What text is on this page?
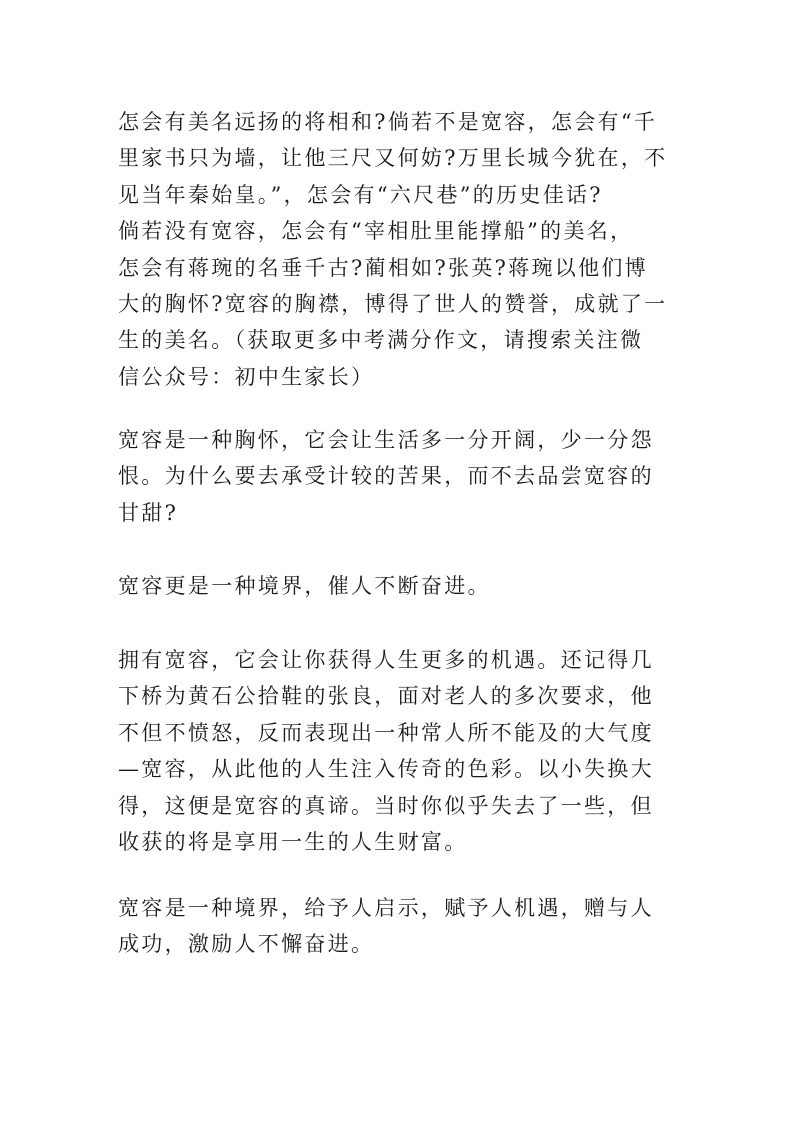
怎会有美名远扬的将相和?倘若不是宽容，怎会有“千
里家书只为墙，让他三尺又何妨?万里长城今犹在，不
见当年秦始皇。”，怎会有“六尺巷”的历史佳话?
倘若没有宽容，怎会有“宰相肚里能撑船”的美名，
怎会有蒋琬的名垂千古?蔺相如?张英?蒋琬以他们博
大的胸怀?宽容的胸襟，博得了世人的赞誉，成就了一
生的美名。（获取更多中考满分作文，请搜索关注微
信公众号：初中生家长）

宽容是一种胸怀，它会让生活多一分开阔，少一分怨
恨。为什么要去承受计较的苦果，而不去品尝宽容的
甘甜?

宽容更是一种境界，催人不断奋进。

拥有宽容，它会让你获得人生更多的机遇。还记得几
下桥为黄石公拾鞋的张良，面对老人的多次要求，他
不但不愤怒，反而表现出一种常人所不能及的大气度
—宽容，从此他的人生注入传奇的色彩。以小失换大
得，这便是宽容的真谛。当时你似乎失去了一些，但
收获的将是享用一生的人生财富。

宽容是一种境界，给予人启示，赋予人机遇，赠与人
成功，激励人不懈奋进。
